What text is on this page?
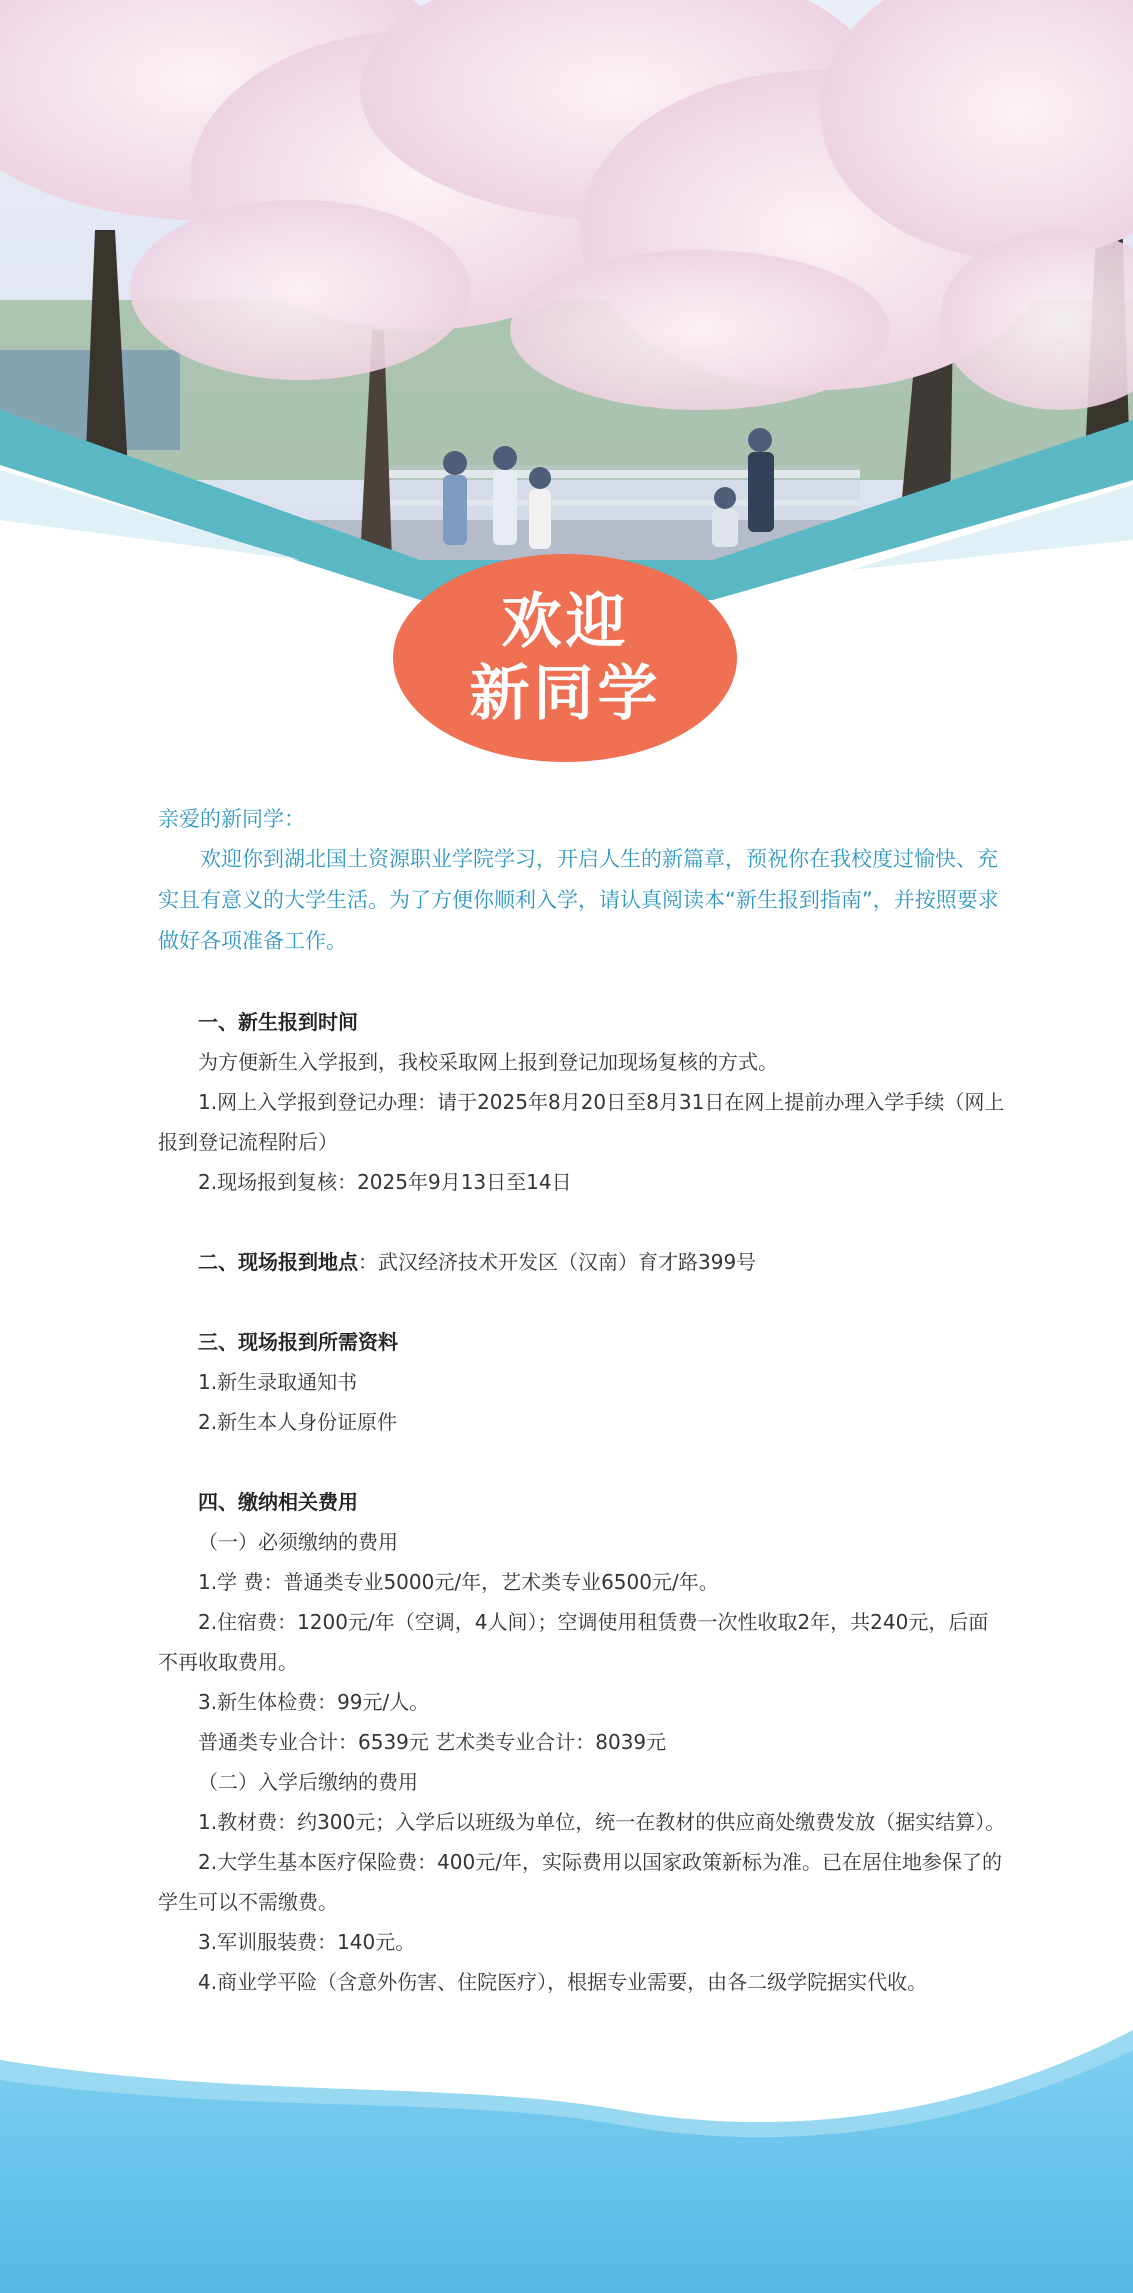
欢迎
新同学
亲爱的新同学：

欢迎你到湖北国土资源职业学院学习，开启人生的新篇章，预祝你在我校度过愉快、充实且有意义的大学生活。为了方便你顺利入学，请认真阅读本“新生报到指南”，并按照要求做好各项准备工作。

一、新生报到时间

为方便新生入学报到，我校采取网上报到登记加现场复核的方式。

1.网上入学报到登记办理：请于2025年8月20日至8月31日在网上提前办理入学手续（网上报到登记流程附后）

2.现场报到复核：2025年9月13日至14日

二、现场报到地点：武汉经济技术开发区（汉南）育才路399号

三、现场报到所需资料

1.新生录取通知书

2.新生本人身份证原件

四、缴纳相关费用

（一）必须缴纳的费用

1.学 费：普通类专业5000元/年，艺术类专业6500元/年。

2.住宿费：1200元/年（空调，4人间）；空调使用租赁费一次性收取2年，共240元，后面不再收取费用。

3.新生体检费：99元/人。

普通类专业合计：6539元 艺术类专业合计：8039元

（二）入学后缴纳的费用

1.教材费：约300元；入学后以班级为单位，统一在教材的供应商处缴费发放（据实结算）。

2.大学生基本医疗保险费：400元/年，实际费用以国家政策新标为准。已在居住地参保了的学生可以不需缴费。

3.军训服装费：140元。

4.商业学平险（含意外伤害、住院医疗），根据专业需要，由各二级学院据实代收。
